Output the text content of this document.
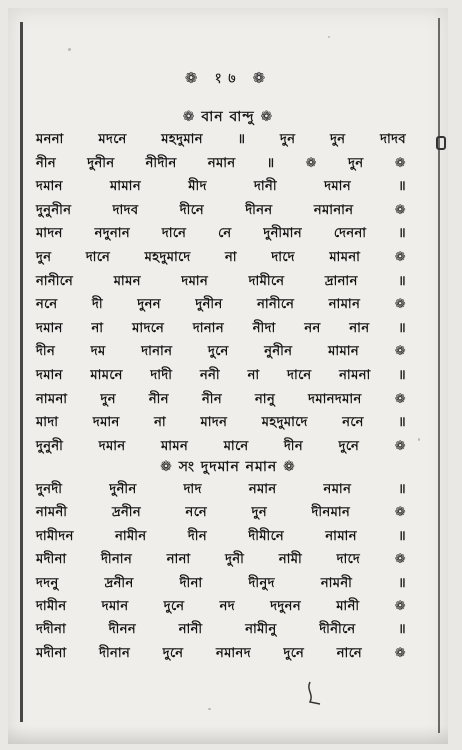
❁ १७ ❁
❁ বান বান্দু ❁
মননা মদনে মহদুমান ॥ দুন দুন দাদব
নীন দুনীন নীদীন নমান ॥ ❁ দুন ❁
দমান মামান মীদ দানী দমান ॥
দুনুনীন দাদব দীনে দীনন নমানান ❁
মাদন নদুনান দানে নে দুনীমান দেননা ॥
দুন দানে মহদুমাদে না দাদে মামনা ❁
নানীনে মামন দমান দামীনে দ্রানান ॥
ননে দী দুনন দুনীন নানীনে নামান ❁
দমান না মাদনে দানান নীদা নন নান ॥
দীন দম দানান দুনে নুনীন মামান ❁
দমান মামনে দাদী ননী না দানে নামনা ॥
নামনা দুন নীন নীন নানু দমানদমান ❁
মাদা দমান না মাদন মহদুমাদে ননে ॥
দুনুনী দমান মামন মানে দীন দুনে ❁
❁ সং দুদমান নমান ❁
দুনদী দুনীন দাদ নমান নমান ॥
নামনী দ্রনীন ননে দুন দীনমান ❁
দামীদন নামীন দীন দীমীনে নামান ॥
মদীনা দীনান নানা দুনী নামী দাদে ❁
দদনু দ্রনীন দীনা দীনুদ নামনী ॥
দামীন দমান দুনে নদ দদুনন মানী ❁
দদীনা দীনন নানী নামীনু দীনীনে ॥
মদীনা দীনান দুনে নমানদ দুনে নানে ❁
